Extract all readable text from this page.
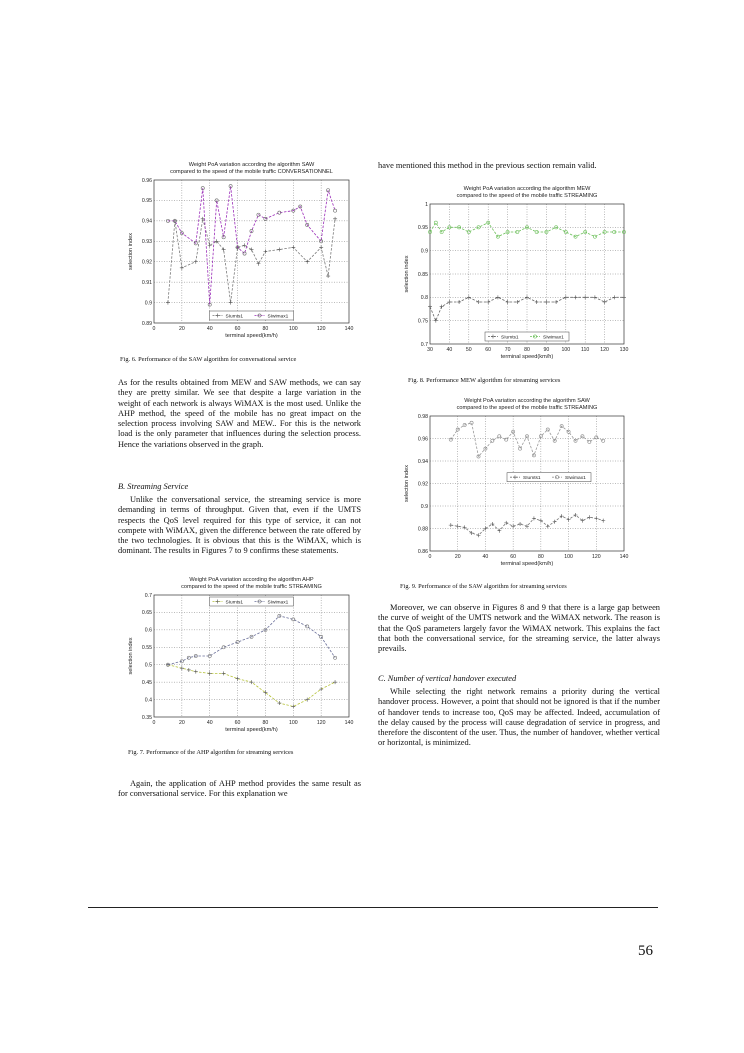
Weight PoA variation according the algorithm SAW
compared to the speed of the mobile traffic CONVERSATIONNEL
0	20	40	60	80	100	120	140
0.89
0.9
0.91
0.92
0.93
0.94
0.95
0.96
terminal speed(km/h)
selection index
SIumts1	SIwimax1
Fig. 6. Performance of the SAW algorithm for conversational service
Weight PoA variation according the algorithm MEW
compared to the speed of the mobile traffic STREAMING
30	40	50	60	70	80	90 100 110 120 130
0.7
0.75
0.8
0.85
0.9
0.95
1
terminal speed(km/h)
selection index
SIumts1	SIwimax1
Fig. 8. Performance MEW algorithm for streaming services
Weight PoA variation according the algorithm SAW
compared to the speed of the mobile traffic STREAMING
0	20	40	60	80	100	120	140
0.86
0.88
0.9
0.92
0.94
0.96
0.98
terminal speed(km/h)
selection index	SIumts1	SIwimax1
Fig. 9. Performance of the SAW algorithm for streaming services
Weight PoA variation according the algorithm AHP
compared to the speed of the mobile traffic STREAMING
0	20	40	60	80	100	120	140
0.35
0.4
0.45
0.5
0.55
0.6
0.65
0.7
terminal speed(km/h)
selection index
SIumts1	SIwimax1
Fig. 7. Performance of the AHP algorithm for streaming services

have mentioned this method in the previous section remain valid.

As for the results obtained from MEW and SAW methods, we can say they are pretty similar. We see that despite a large variation in the weight of each network is always WiMAX is the most used. Unlike the AHP method, the speed of the mobile has no great impact on the selection process involving SAW and MEW.. For this is the network load is the only parameter that influences during the selection process. Hence the variations observed in the graph.

B. Streaming Service

Unlike the conversational service, the streaming service is more demanding in terms of throughput. Given that, even if the UMTS respects the QoS level required for this type of service, it can not compete with WiMAX, given the difference between the rate offered by the two technologies. It is obvious that this is the WiMAX, which is dominant. The results in Figures 7 to 9 confirms these statements.

Again, the application of AHP method provides the same result as for conversational service. For this explanation we

Moreover, we can observe in Figures 8 and 9 that there is a large gap between the curve of weight of the UMTS network and the WiMAX network. The reason is that the QoS parameters largely favor the WiMAX network. This explains the fact that both the conversational service, for the streaming service, the latter always prevails.

C. Number of vertical handover executed

While selecting the right network remains a priority during the vertical handover process. However, a point that should not be ignored is that if the number of handover tends to increase too, QoS may be affected. Indeed, accumulation of the delay caused by the process will cause degradation of service in progress, and therefore the discontent of the user. Thus, the number of handover, whether vertical or horizontal, is minimized.

56
